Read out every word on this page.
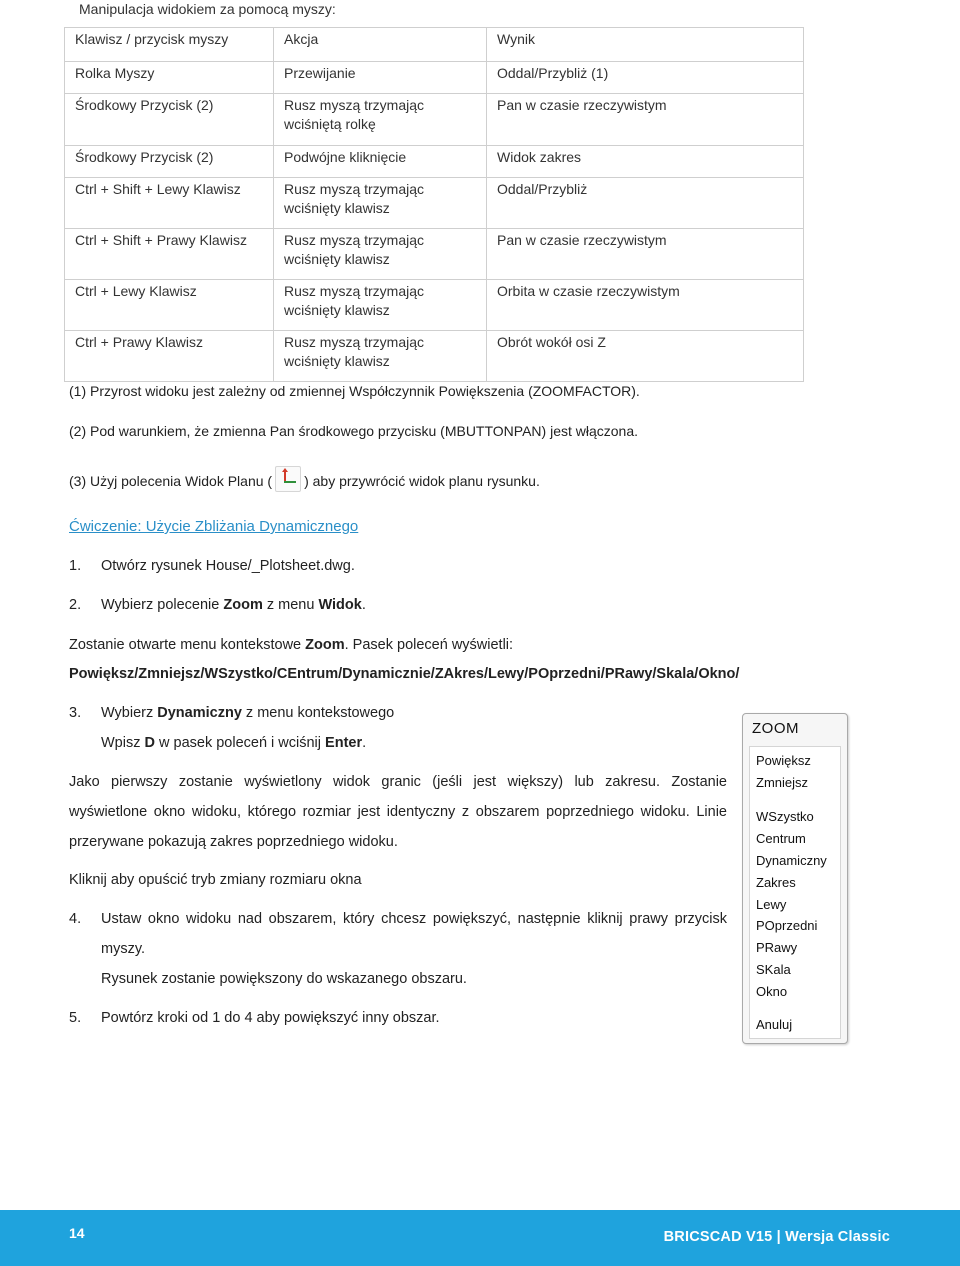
Manipulacja widokiem za pomocą myszy:
Klawisz / przycisk myszy	Akcja	Wynik
Rolka Myszy	Przewijanie	Oddal/Przybliż (1)
Środkowy Przycisk (2)	Rusz myszą trzymając wciśniętą rolkę	Pan w czasie rzeczywistym
Środkowy Przycisk (2)	Podwójne kliknięcie	Widok zakres
Ctrl + Shift + Lewy Klawisz	Rusz myszą trzymając wciśnięty klawisz	Oddal/Przybliż
Ctrl + Shift + Prawy Klawisz	Rusz myszą trzymając wciśnięty klawisz	Pan w czasie rzeczywistym
Ctrl + Lewy Klawisz	Rusz myszą trzymając wciśnięty klawisz	Orbita w czasie rzeczywistym
Ctrl + Prawy Klawisz	Rusz myszą trzymając wciśnięty klawisz	Obrót wokół osi Z
(1) Przyrost widoku jest zależny od zmiennej Współczynnik Powiększenia (ZOOMFACTOR).
(2) Pod warunkiem, że zmienna Pan środkowego przycisku (MBUTTONPAN) jest włączona.
(3) Użyj polecenia Widok Planu ( ) aby przywrócić widok planu rysunku.
Ćwiczenie: Użycie Zbliżania Dynamicznego
1. Otwórz rysunek House/_Plotsheet.dwg.
2. Wybierz polecenie Zoom z menu Widok.
Zostanie otwarte menu kontekstowe Zoom. Pasek poleceń wyświetli:
Powiększ/Zmniejsz/WSzystko/CEntrum/Dynamicznie/ZAkres/Lewy/POprzedni/PRawy/Skala/Okno/
3. Wybierz Dynamiczny z menu kontekstowego
Wpisz D w pasek poleceń i wciśnij Enter.
Jako pierwszy zostanie wyświetlony widok granic (jeśli jest większy) lub zakresu. Zostanie wyświetlone okno widoku, którego rozmiar jest identyczny z obszarem poprzedniego widoku. Linie przerywane pokazują zakres poprzedniego widoku.
Kliknij aby opuścić tryb zmiany rozmiaru okna
4. Ustaw okno widoku nad obszarem, który chcesz powiększyć, następnie kliknij prawy przycisk myszy.
Rysunek zostanie powiększony do wskazanego obszaru.
5. Powtórz kroki od 1 do 4 aby powiększyć inny obszar.
ZOOM
Powiększ
Zmniejsz
WSzystko
Centrum
Dynamiczny
Zakres
Lewy
POprzedni
PRawy
SKala
Okno
Anuluj
14	BRICSCAD V15 | Wersja Classic
